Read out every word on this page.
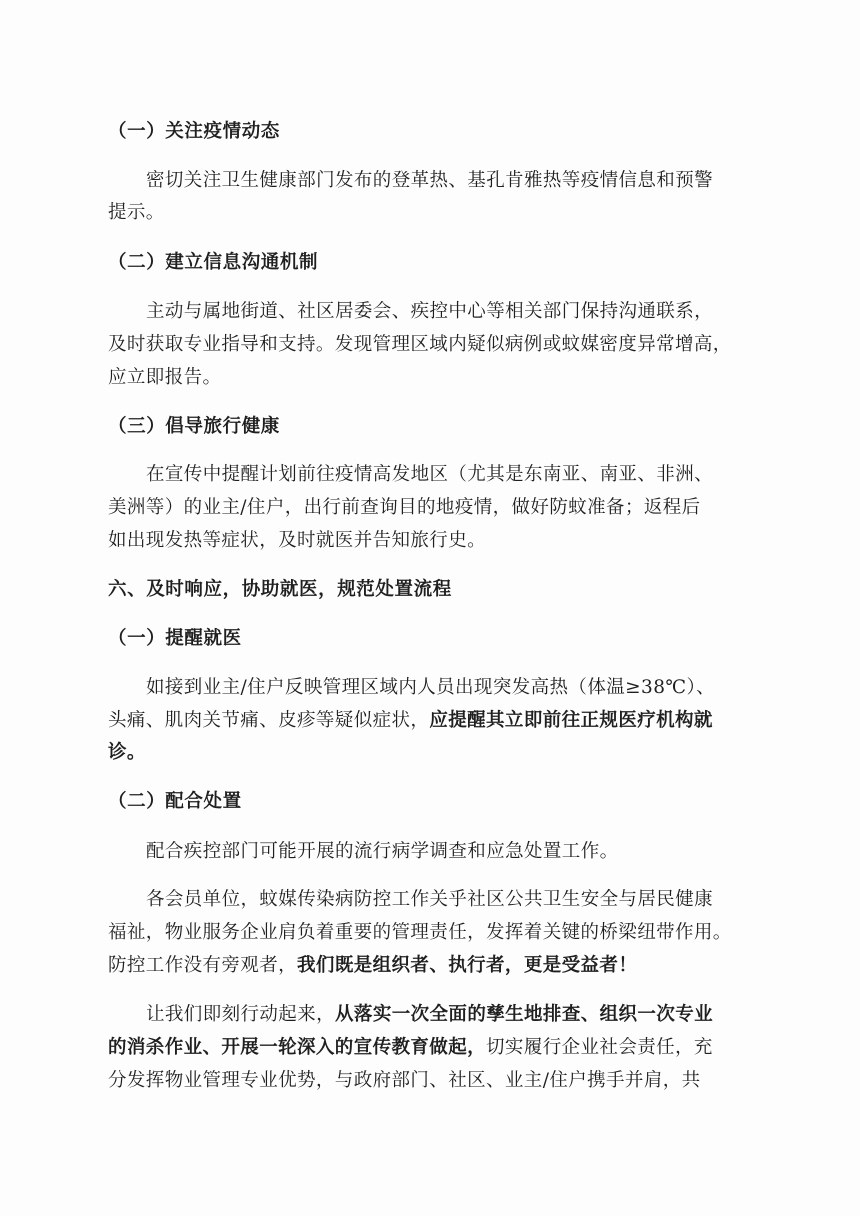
（一）关注疫情动态
密切关注卫生健康部门发布的登革热、基孔肯雅热等疫情信息和预警
提示。
（二）建立信息沟通机制
主动与属地街道、社区居委会、疾控中心等相关部门保持沟通联系，
及时获取专业指导和支持。发现管理区域内疑似病例或蚊媒密度异常增高，
应立即报告。
（三）倡导旅行健康
在宣传中提醒计划前往疫情高发地区（尤其是东南亚、南亚、非洲、
美洲等）的业主/住户，出行前查询目的地疫情，做好防蚊准备；返程后
如出现发热等症状，及时就医并告知旅行史。
六、及时响应，协助就医，规范处置流程
（一）提醒就医
如接到业主/住户反映管理区域内人员出现突发高热（体温≥38℃）、
头痛、肌肉关节痛、皮疹等疑似症状，应提醒其立即前往正规医疗机构就
诊。
（二）配合处置
配合疾控部门可能开展的流行病学调查和应急处置工作。
各会员单位，蚊媒传染病防控工作关乎社区公共卫生安全与居民健康
福祉，物业服务企业肩负着重要的管理责任，发挥着关键的桥梁纽带作用。
防控工作没有旁观者，我们既是组织者、执行者，更是受益者！
让我们即刻行动起来，从落实一次全面的孳生地排查、组织一次专业
的消杀作业、开展一轮深入的宣传教育做起，切实履行企业社会责任，充
分发挥物业管理专业优势，与政府部门、社区、业主/住户携手并肩，共
